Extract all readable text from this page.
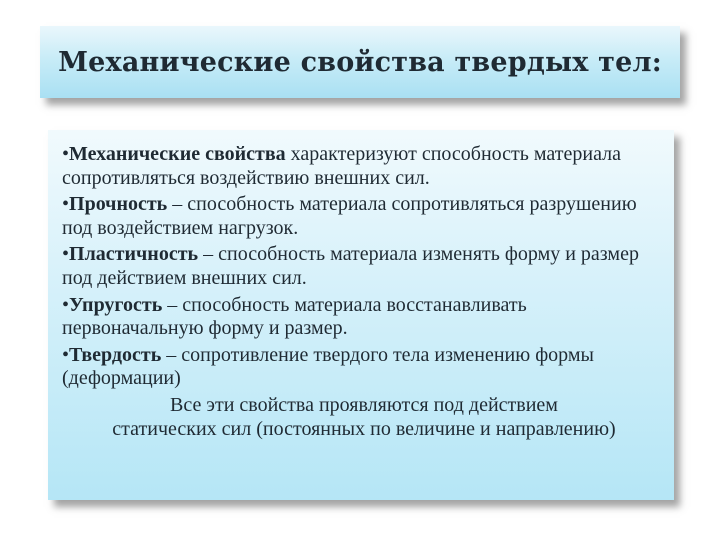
Механические свойства твердых тел:
•Механические свойства характеризуют способность материала сопротивляться воздействию внешних сил.
•Прочность – способность материала сопротивляться разрушению под воздействием нагрузок.
•Пластичность – способность материала изменять форму и размер под действием внешних сил.
•Упругость – способность материала восстанавливать первоначальную форму и размер.
•Твердость – сопротивление твердого тела изменению формы (деформации)
Все эти свойства проявляются под действием
статических сил (постоянных по величине и направлению)
